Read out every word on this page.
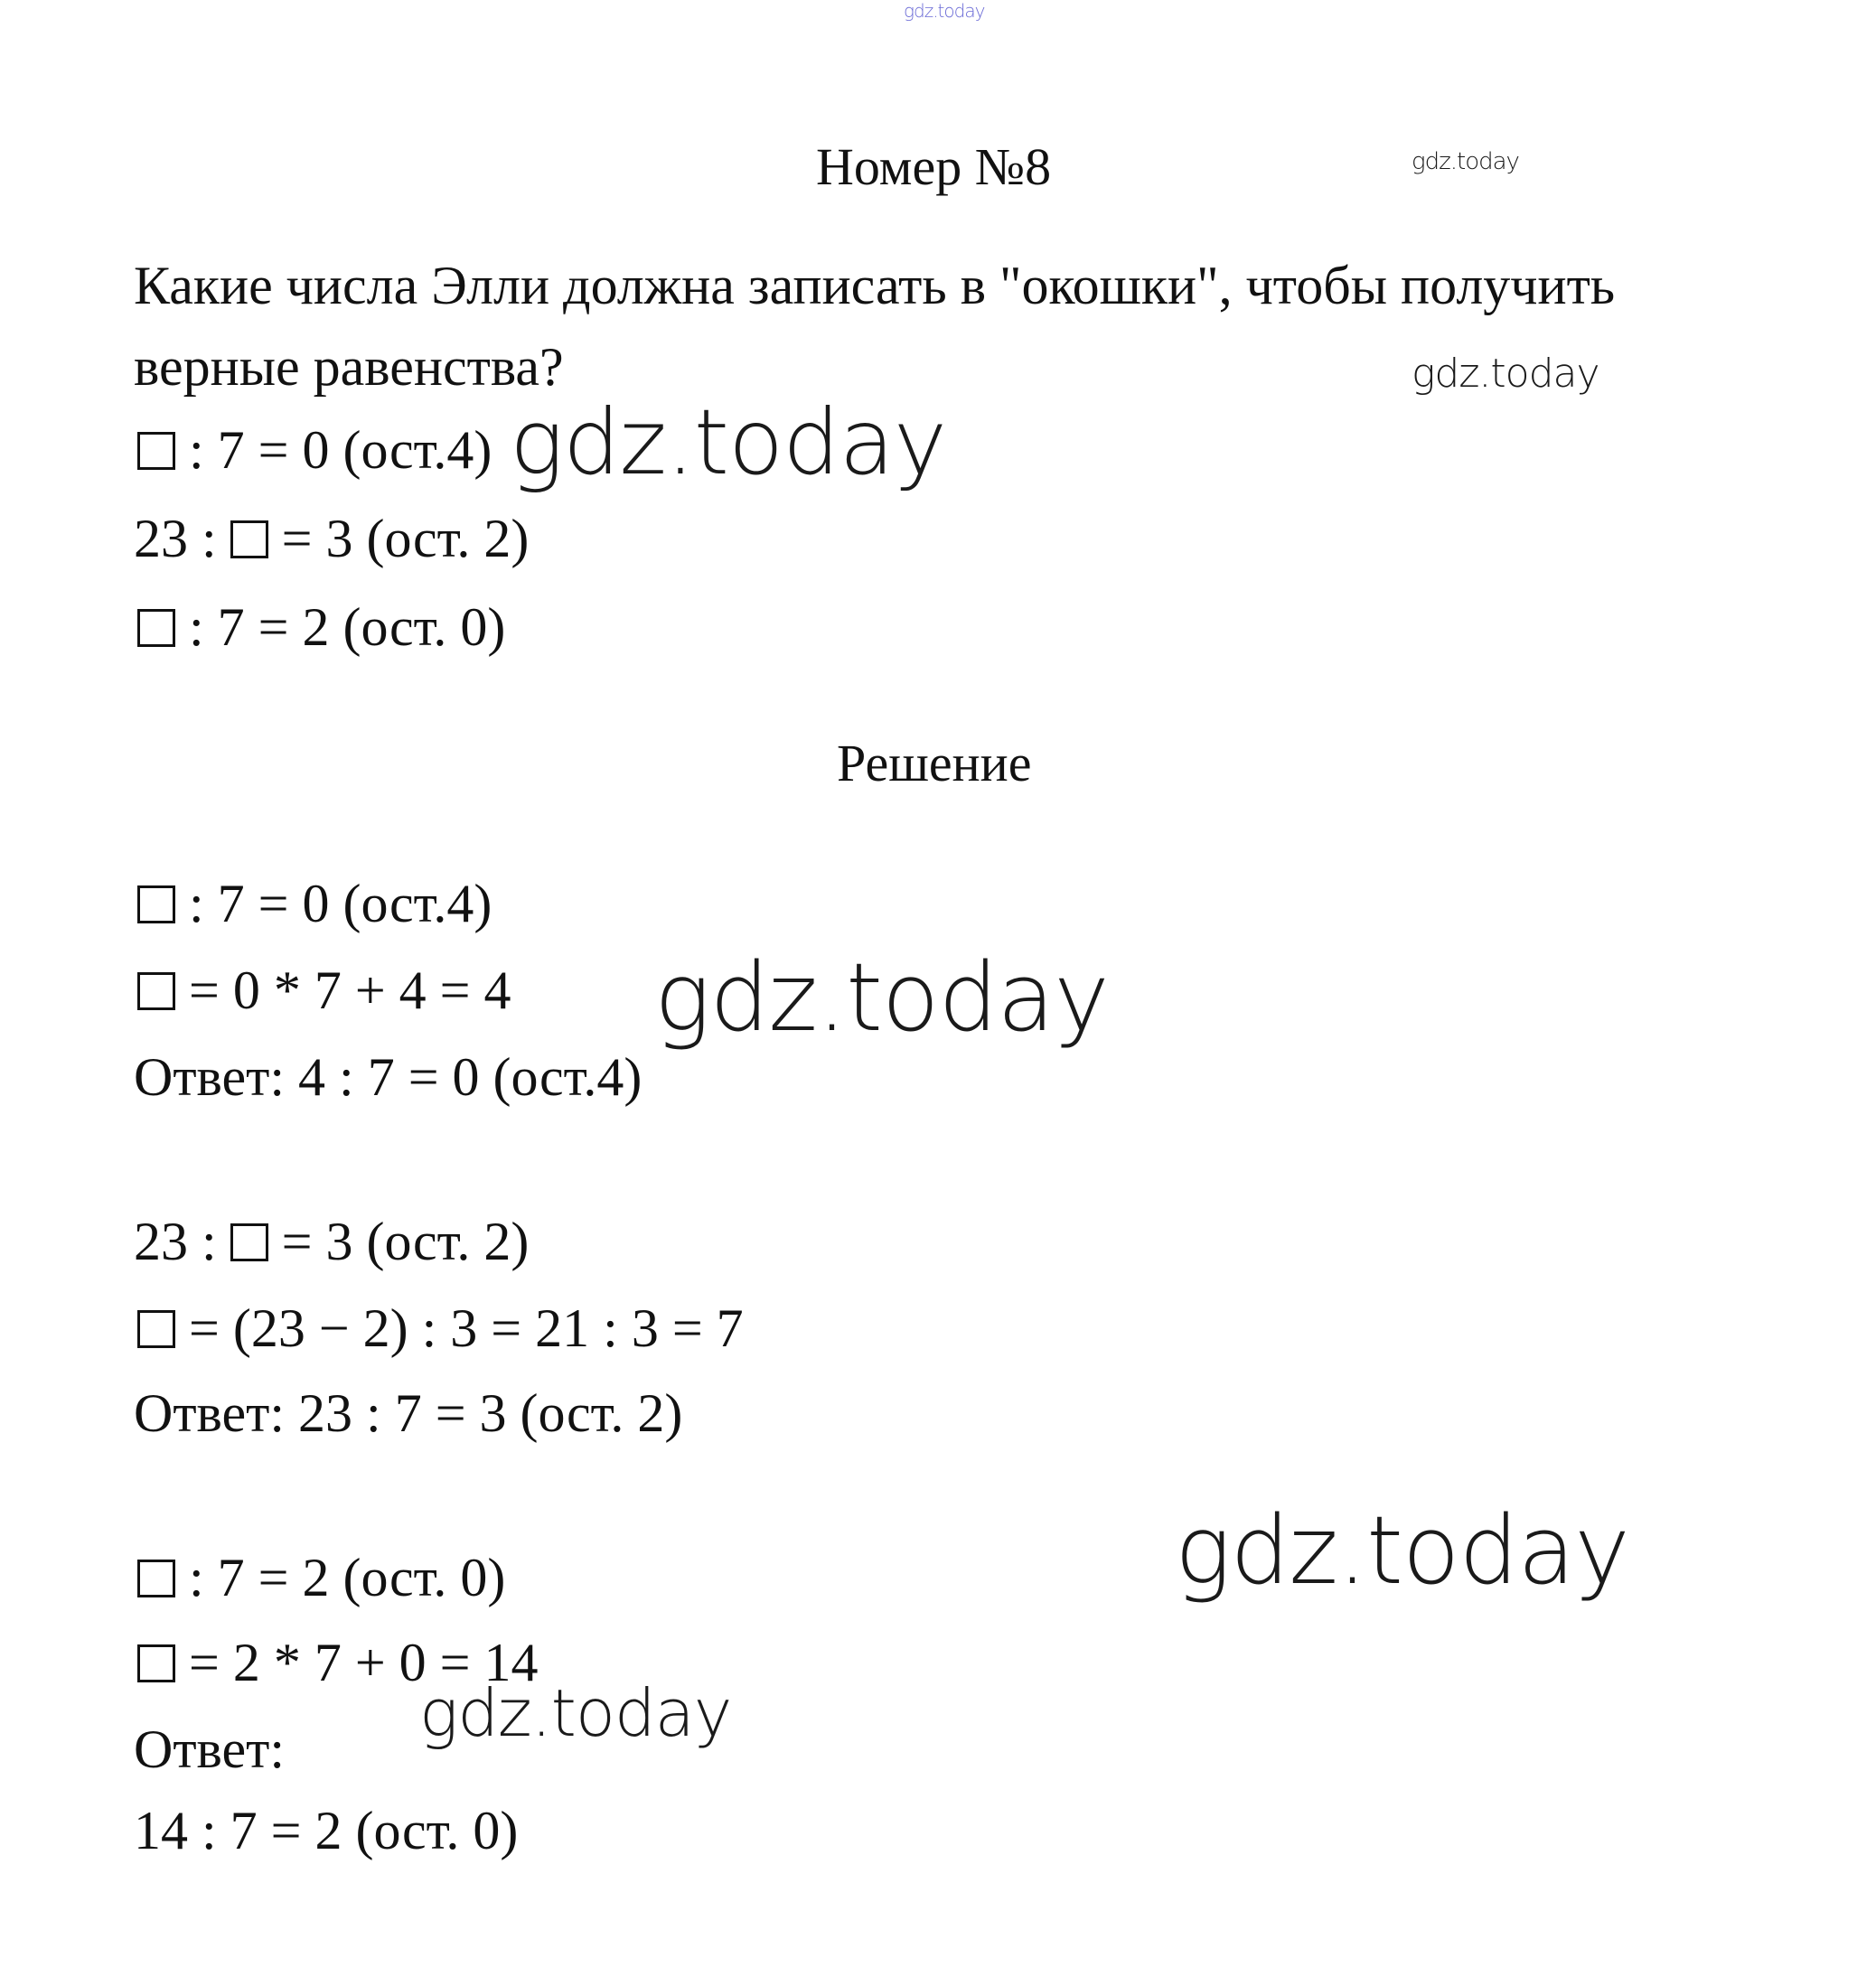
gdz.today
Номер №8	gdz.today
Какие числа Элли должна записать в "окошки", чтобы получить
верные равенства?	gdz.today
: 7 = 0 (ост.4) gdz.today
23 : = 3 (ост. 2)
: 7 = 2 (ост. 0)
Решение
: 7 = 0 (ост.4)
= 0 * 7 + 4 = 4 gdz.today
Ответ: 4 : 7 = 0 (ост.4)
23 : = 3 (ост. 2)
= (23 − 2) : 3 = 21 : 3 = 7
Ответ: 23 : 7 = 3 (ост. 2)
: 7 = 2 (ост. 0)	gdz.today
= 2 * 7 + 0 = 14
gdz.today
Ответ:
14 : 7 = 2 (ост. 0)
